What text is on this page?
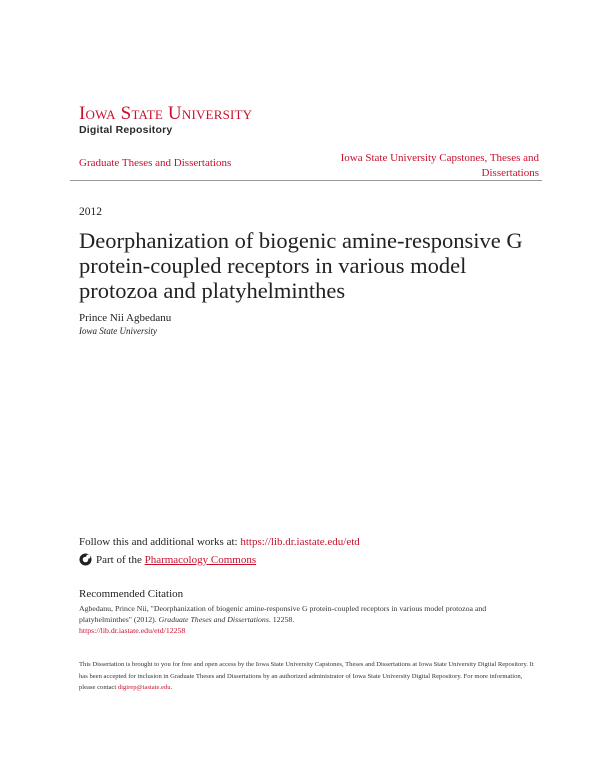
Iowa State University
Digital Repository
Graduate Theses and Dissertations	Iowa State University Capstones, Theses and Dissertations
2012
Deorphanization of biogenic amine-responsive G protein-coupled receptors in various model protozoa and platyhelminthes
Prince Nii Agbedanu
Iowa State University
Follow this and additional works at: https://lib.dr.iastate.edu/etd
Part of the
Pharmacology Commons
Recommended Citation
Agbedanu, Prince Nii, "Deorphanization of biogenic amine-responsive G protein-coupled receptors in various model protozoa and platyhelminthes" (2012). Graduate Theses and Dissertations. 12258.
https://lib.dr.iastate.edu/etd/12258
This Dissertation is brought to you for free and open access by the Iowa State University Capstones, Theses and Dissertations at Iowa State University Digital Repository. It has been accepted for inclusion in Graduate Theses and Dissertations by an authorized administrator of Iowa State University Digital Repository. For more information, please contact digirep@iastate.edu.
